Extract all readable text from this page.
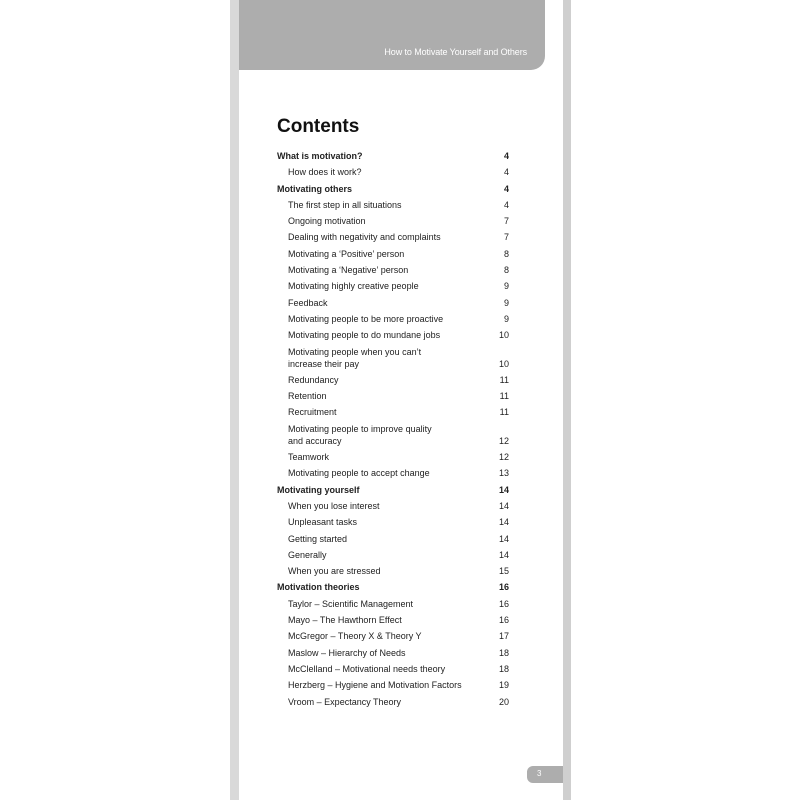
How to Motivate Yourself and Others
Contents
What is motivation?	4
How does it work?	4
Motivating others	4
The first step in all situations	4
Ongoing motivation	7
Dealing with negativity and complaints	7
Motivating a ‘Positive’ person	8
Motivating a ‘Negative’ person	8
Motivating highly creative people	9
Feedback	9
Motivating people to be more proactive	9
Motivating people to do mundane jobs	10
Motivating people when you can’t
increase their pay	10
Redundancy	11
Retention	11
Recruitment	11
Motivating people to improve quality
and accuracy	12
Teamwork	12
Motivating people to accept change	13
Motivating yourself	14
When you lose interest	14
Unpleasant tasks	14
Getting started	14
Generally	14
When you are stressed	15
Motivation theories	16
Taylor – Scientific Management	16
Mayo – The Hawthorn Effect	16
McGregor – Theory X & Theory Y	17
Maslow – Hierarchy of Needs	18
McClelland – Motivational needs theory	18
Herzberg – Hygiene and Motivation Factors	19
Vroom – Expectancy Theory	20
3
